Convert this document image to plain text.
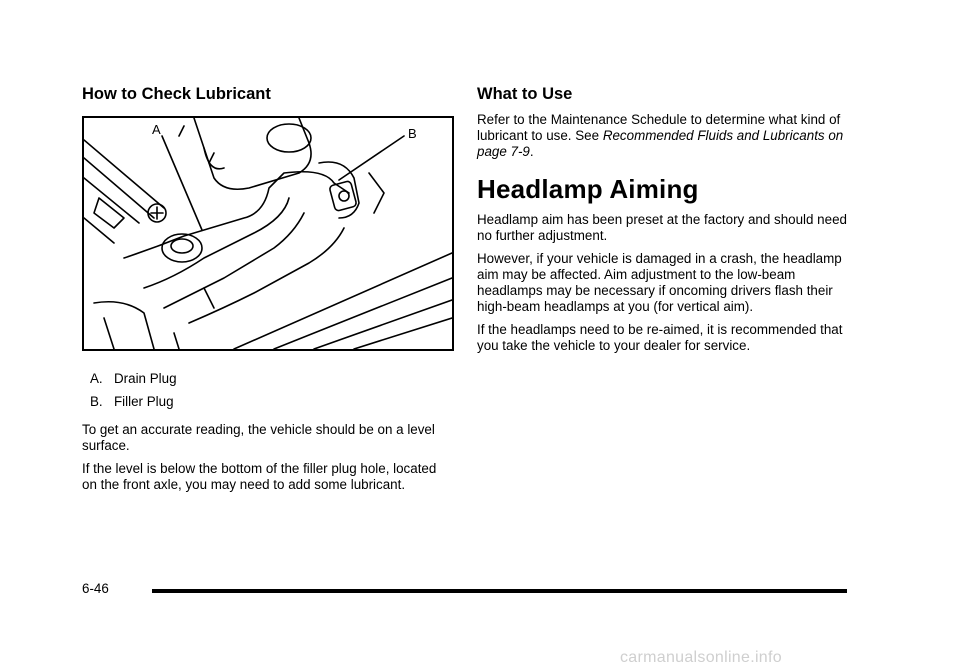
How to Check Lubricant
A	B
A. Drain Plug
B. Filler Plug

To get an accurate reading, the vehicle should be on a level surface.

If the level is below the bottom of the filler plug hole, located on the front axle, you may need to add some lubricant.

What to Use

Refer to the Maintenance Schedule to determine what kind of lubricant to use. See Recommended Fluids and Lubricants on page 7-9.

Headlamp Aiming

Headlamp aim has been preset at the factory and should need no further adjustment.

However, if your vehicle is damaged in a crash, the headlamp aim may be affected. Aim adjustment to the low-beam headlamps may be necessary if oncoming drivers flash their high-beam headlamps at you (for vertical aim).

If the headlamps need to be re-aimed, it is recommended that you take the vehicle to your dealer for service.

6-46
carmanualsonline.info
